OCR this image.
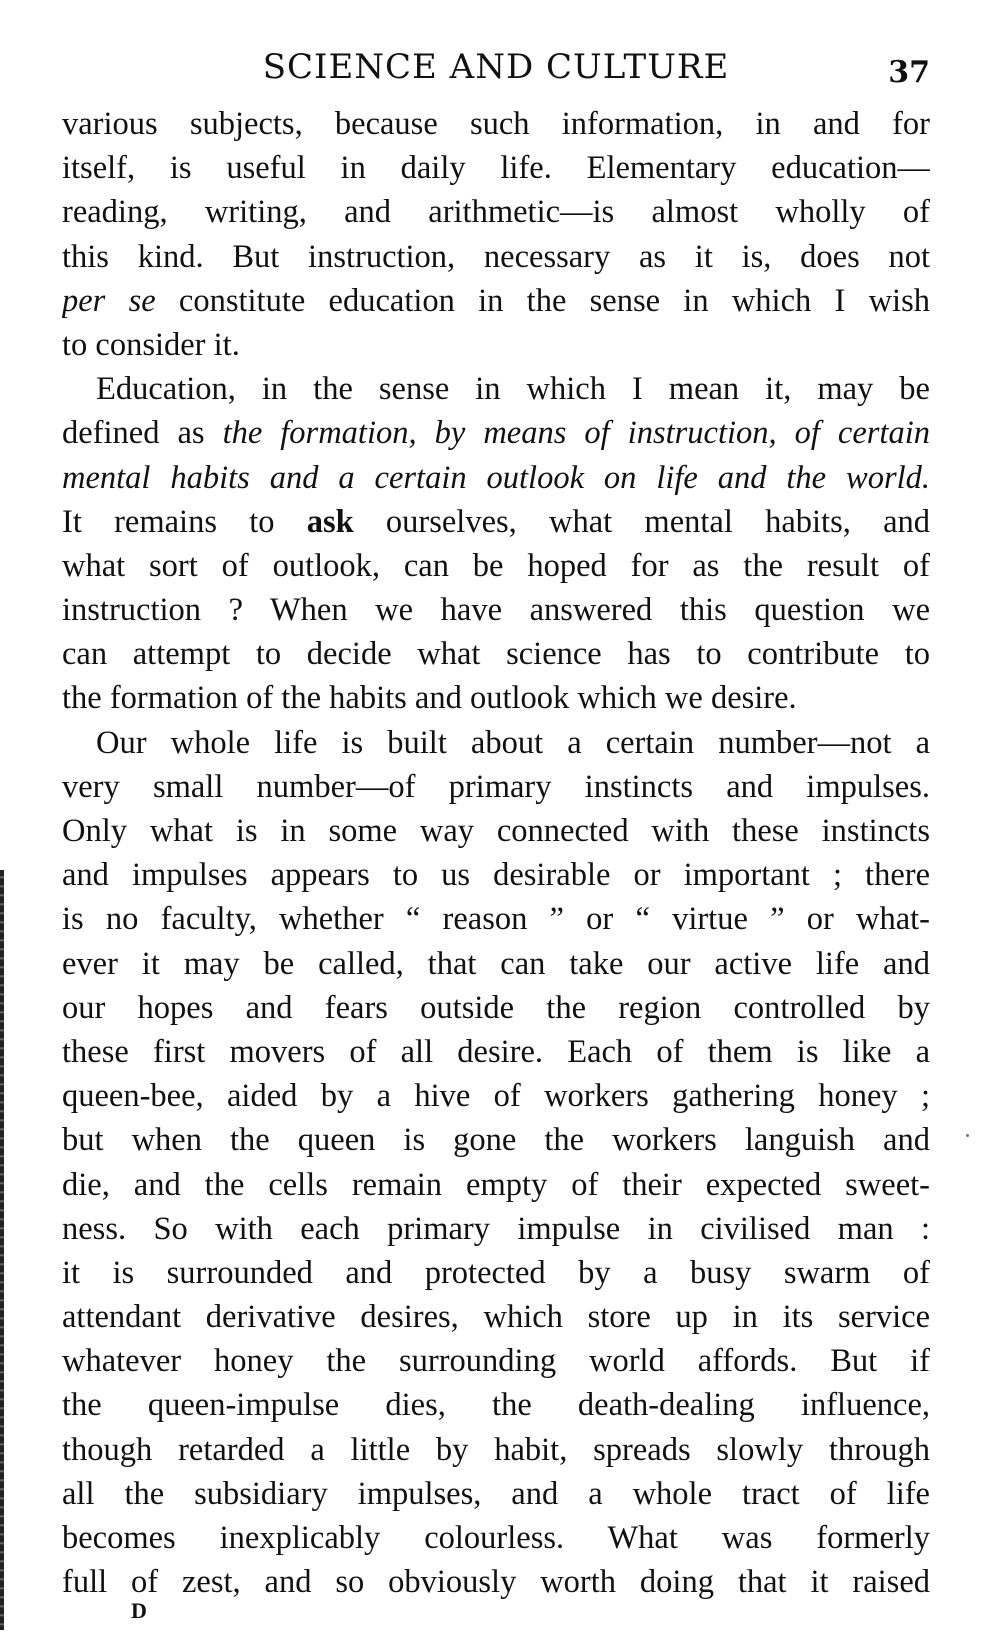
SCIENCE AND CULTURE	37
various subjects, because such information, in and for
itself, is useful in daily life. Elementary education—
reading, writing, and arithmetic—is almost wholly of
this kind. But instruction, necessary as it is, does not
per se constitute education in the sense in which I wish
to consider it.
Education, in the sense in which I mean it, may be
defined as the formation, by means of instruction, of certain
mental habits and a certain outlook on life and the world.
It remains to ask ourselves, what mental habits, and
what sort of outlook, can be hoped for as the result of
instruction ? When we have answered this question we
can attempt to decide what science has to contribute to
the formation of the habits and outlook which we desire.
Our whole life is built about a certain number—not a
very small number—of primary instincts and impulses.
Only what is in some way connected with these instincts
and impulses appears to us desirable or important ; there
is no faculty, whether “ reason ” or “ virtue ” or what-
ever it may be called, that can take our active life and
our hopes and fears outside the region controlled by
these first movers of all desire. Each of them is like a
queen-bee, aided by a hive of workers gathering honey ;
but when the queen is gone the workers languish and
die, and the cells remain empty of their expected sweet-
ness. So with each primary impulse in civilised man :
it is surrounded and protected by a busy swarm of
attendant derivative desires, which store up in its service
whatever honey the surrounding world affords. But if
the queen-impulse dies, the death-dealing influence,
though retarded a little by habit, spreads slowly through
all the subsidiary impulses, and a whole tract of life
becomes inexplicably colourless. What was formerly
full of zest, and so obviously worth doing that it raised
D
